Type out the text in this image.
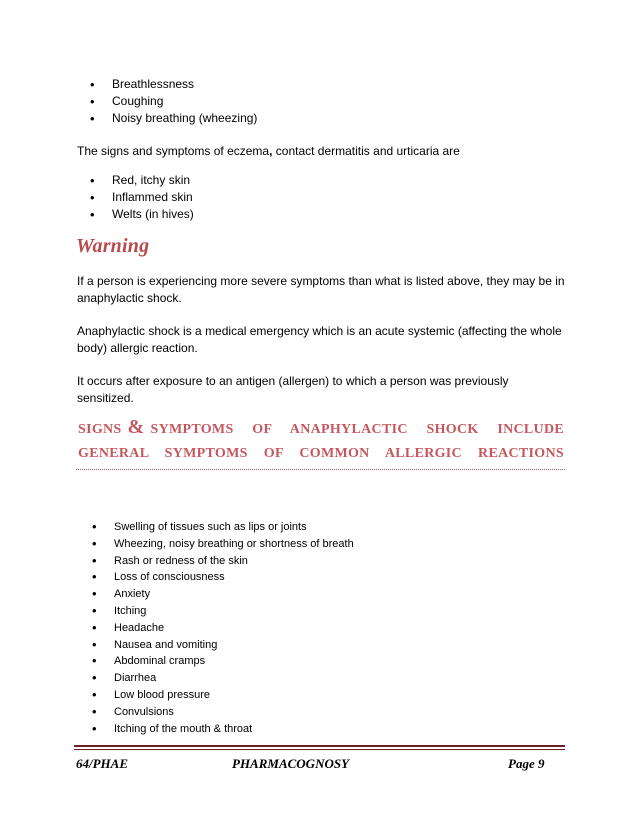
• Breathlessness
• Coughing
• Noisy breathing (wheezing)

The signs and symptoms of eczema, contact dermatitis and urticaria are

• Red, itchy skin
• Inflammed skin
• Welts (in hives)
Warning

If a person is experiencing more severe symptoms than what is listed above, they may be in anaphylactic shock.

Anaphylactic shock is a medical emergency which is an acute systemic (affecting the whole body) allergic reaction.

It occurs after exposure to an antigen (allergen) to which a person was previously sensitized.

SIGNS & SYMPTOMS OF ANAPHYLACTIC SHOCK INCLUDE
GENERAL SYMPTOMS OF COMMON ALLERGIC REACTIONS
• Swelling of tissues such as lips or joints
• Wheezing, noisy breathing or shortness of breath
• Rash or redness of the skin
• Loss of consciousness
• Anxiety
• Itching
• Headache
• Nausea and vomiting
• Abdominal cramps
• Diarrhea
• Low blood pressure
• Convulsions
• Itching of the mouth & throat
64/PHAE	PHARMACOGNOSY	Page 9
